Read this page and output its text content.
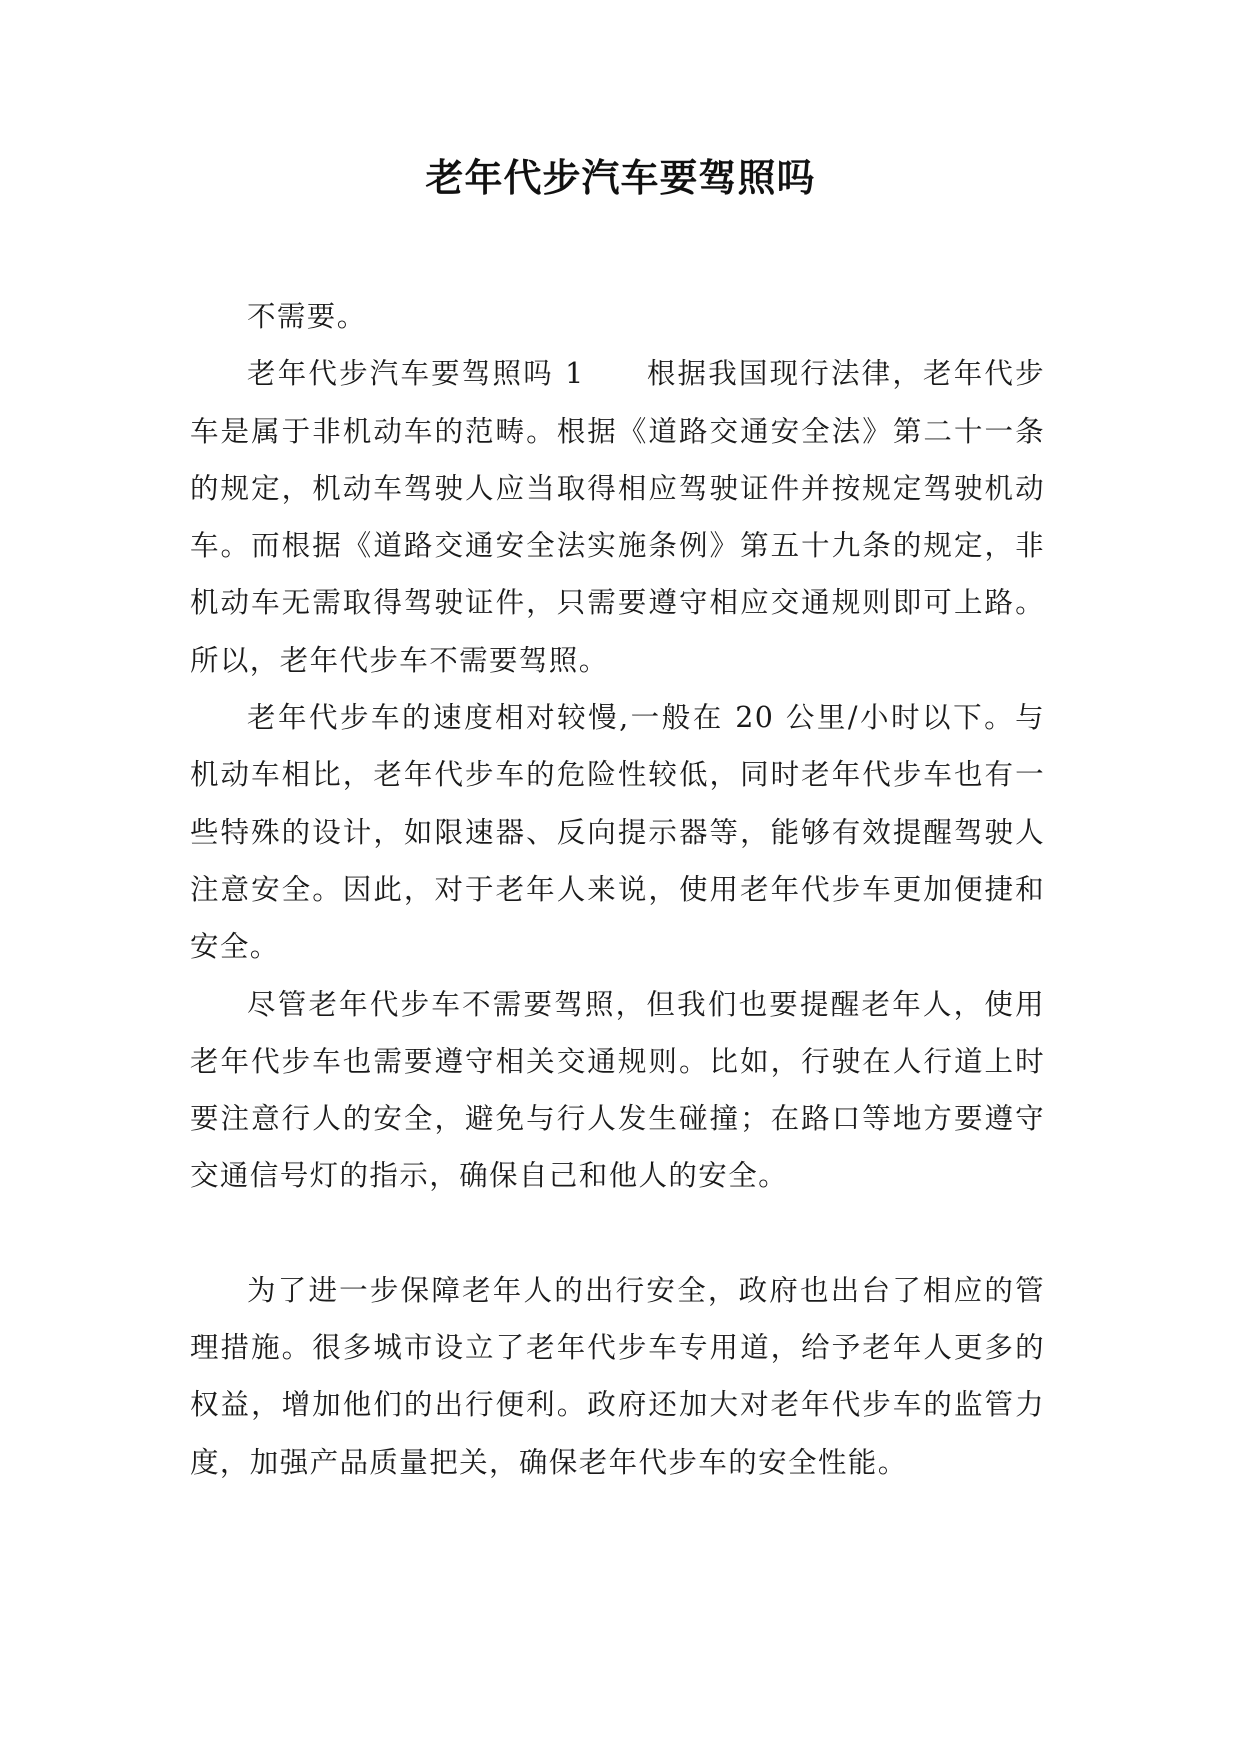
老年代步汽车要驾照吗

不需要。

老年代步汽车要驾照吗 1　　根据我国现行法律，老年代步车是属于非机动车的范畴。根据《道路交通安全法》第二十一条的规定，机动车驾驶人应当取得相应驾驶证件并按规定驾驶机动车。而根据《道路交通安全法实施条例》第五十九条的规定，非机动车无需取得驾驶证件，只需要遵守相应交通规则即可上路。所以，老年代步车不需要驾照。

老年代步车的速度相对较慢,一般在 20 公里/小时以下。与机动车相比，老年代步车的危险性较低，同时老年代步车也有一些特殊的设计，如限速器、反向提示器等，能够有效提醒驾驶人注意安全。因此，对于老年人来说，使用老年代步车更加便捷和安全。

尽管老年代步车不需要驾照，但我们也要提醒老年人，使用老年代步车也需要遵守相关交通规则。比如，行驶在人行道上时要注意行人的安全，避免与行人发生碰撞；在路口等地方要遵守交通信号灯的指示，确保自己和他人的安全。

为了进一步保障老年人的出行安全，政府也出台了相应的管理措施。很多城市设立了老年代步车专用道，给予老年人更多的权益，增加他们的出行便利。政府还加大对老年代步车的监管力度，加强产品质量把关，确保老年代步车的安全性能。
